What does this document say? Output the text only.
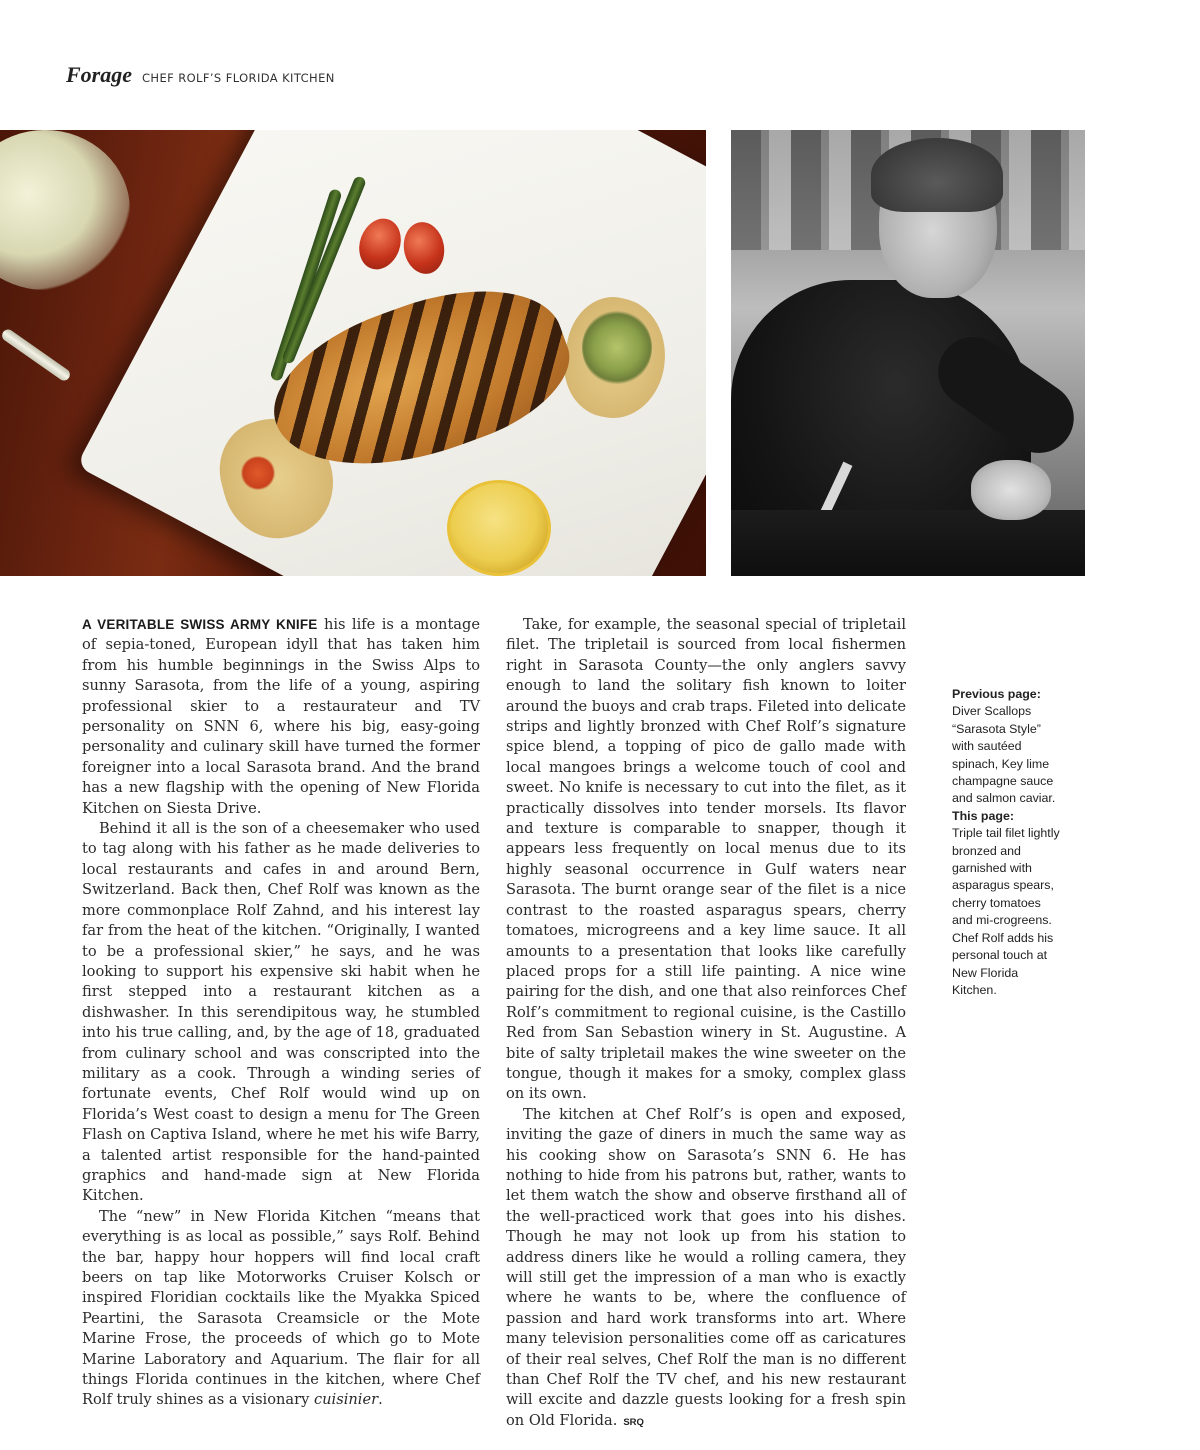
Forage CHEF ROLF’S FLORIDA KITCHEN

A VERITABLE SWISS ARMY KNIFE his life is a montage of sepia-toned, European idyll that has taken him from his humble beginnings in the Swiss Alps to sunny Sarasota, from the life of a young, aspiring professional skier to a restaurateur and TV personality on SNN 6, where his big, easy-going personality and culinary skill have turned the former foreigner into a local Sarasota brand. And the brand has a new flagship with the opening of New Florida Kitchen on Siesta Drive.

Behind it all is the son of a cheesemaker who used to tag along with his father as he made deliveries to local restaurants and cafes in and around Bern, Switzerland. Back then, Chef Rolf was known as the more commonplace Rolf Zahnd, and his interest lay far from the heat of the kitchen. “Originally, I wanted to be a professional skier,” he says, and he was looking to support his expensive ski habit when he first stepped into a restaurant kitchen as a dishwasher. In this serendipitous way, he stumbled into his true calling, and, by the age of 18, graduated from culinary school and was conscripted into the military as a cook. Through a winding series of fortunate events, Chef Rolf would wind up on Florida’s West coast to design a menu for The Green Flash on Captiva Island, where he met his wife Barry, a talented artist responsible for the hand-painted graphics and hand-made sign at New Florida Kitchen.

The “new” in New Florida Kitchen “means that everything is as local as possible,” says Rolf. Behind the bar, happy hour hoppers will find local craft beers on tap like Motorworks Cruiser Kolsch or inspired Floridian cocktails like the Myakka Spiced Peartini, the Sarasota Creamsicle or the Mote Marine Frose, the proceeds of which go to Mote Marine Laboratory and Aquarium. The flair for all things Florida continues in the kitchen, where Chef Rolf truly shines as a visionary cuisinier.

Take, for example, the seasonal special of tripletail filet. The tripletail is sourced from local fishermen right in Sarasota County—the only anglers savvy enough to land the solitary fish known to loiter around the buoys and crab traps. Fileted into delicate strips and lightly bronzed with Chef Rolf’s signature spice blend, a topping of pico de gallo made with local mangoes brings a welcome touch of cool and sweet. No knife is necessary to cut into the filet, as it practically dissolves into tender morsels. Its flavor and texture is comparable to snapper, though it appears less frequently on local menus due to its highly seasonal occurrence in Gulf waters near Sarasota. The burnt orange sear of the filet is a nice contrast to the roasted asparagus spears, cherry tomatoes, microgreens and a key lime sauce. It all amounts to a presentation that looks like carefully placed props for a still life painting. A nice wine pairing for the dish, and one that also reinforces Chef Rolf’s commitment to regional cuisine, is the Castillo Red from San Sebastion winery in St. Augustine. A bite of salty tripletail makes the wine sweeter on the tongue, though it makes for a smoky, complex glass on its own.

The kitchen at Chef Rolf’s is open and exposed, inviting the gaze of diners in much the same way as his cooking show on Sarasota’s SNN 6. He has nothing to hide from his patrons but, rather, wants to let them watch the show and observe firsthand all of the well-practiced work that goes into his dishes. Though he may not look up from his station to address diners like he would a rolling camera, they will still get the impression of a man who is exactly where he wants to be, where the confluence of passion and hard work transforms into art. Where many television personalities come off as caricatures of their real selves, Chef Rolf the man is no different than Chef Rolf the TV chef, and his new restaurant will excite and dazzle guests looking for a fresh spin on Old Florida. SRQ

Previous page:
Diver Scallops “Sarasota Style” with sautéed spinach, Key lime champagne sauce and salmon caviar.
This page:
Triple tail filet lightly bronzed and garnished with asparagus spears, cherry tomatoes and mi-crogreens. Chef Rolf adds his personal touch at New Florida Kitchen.
